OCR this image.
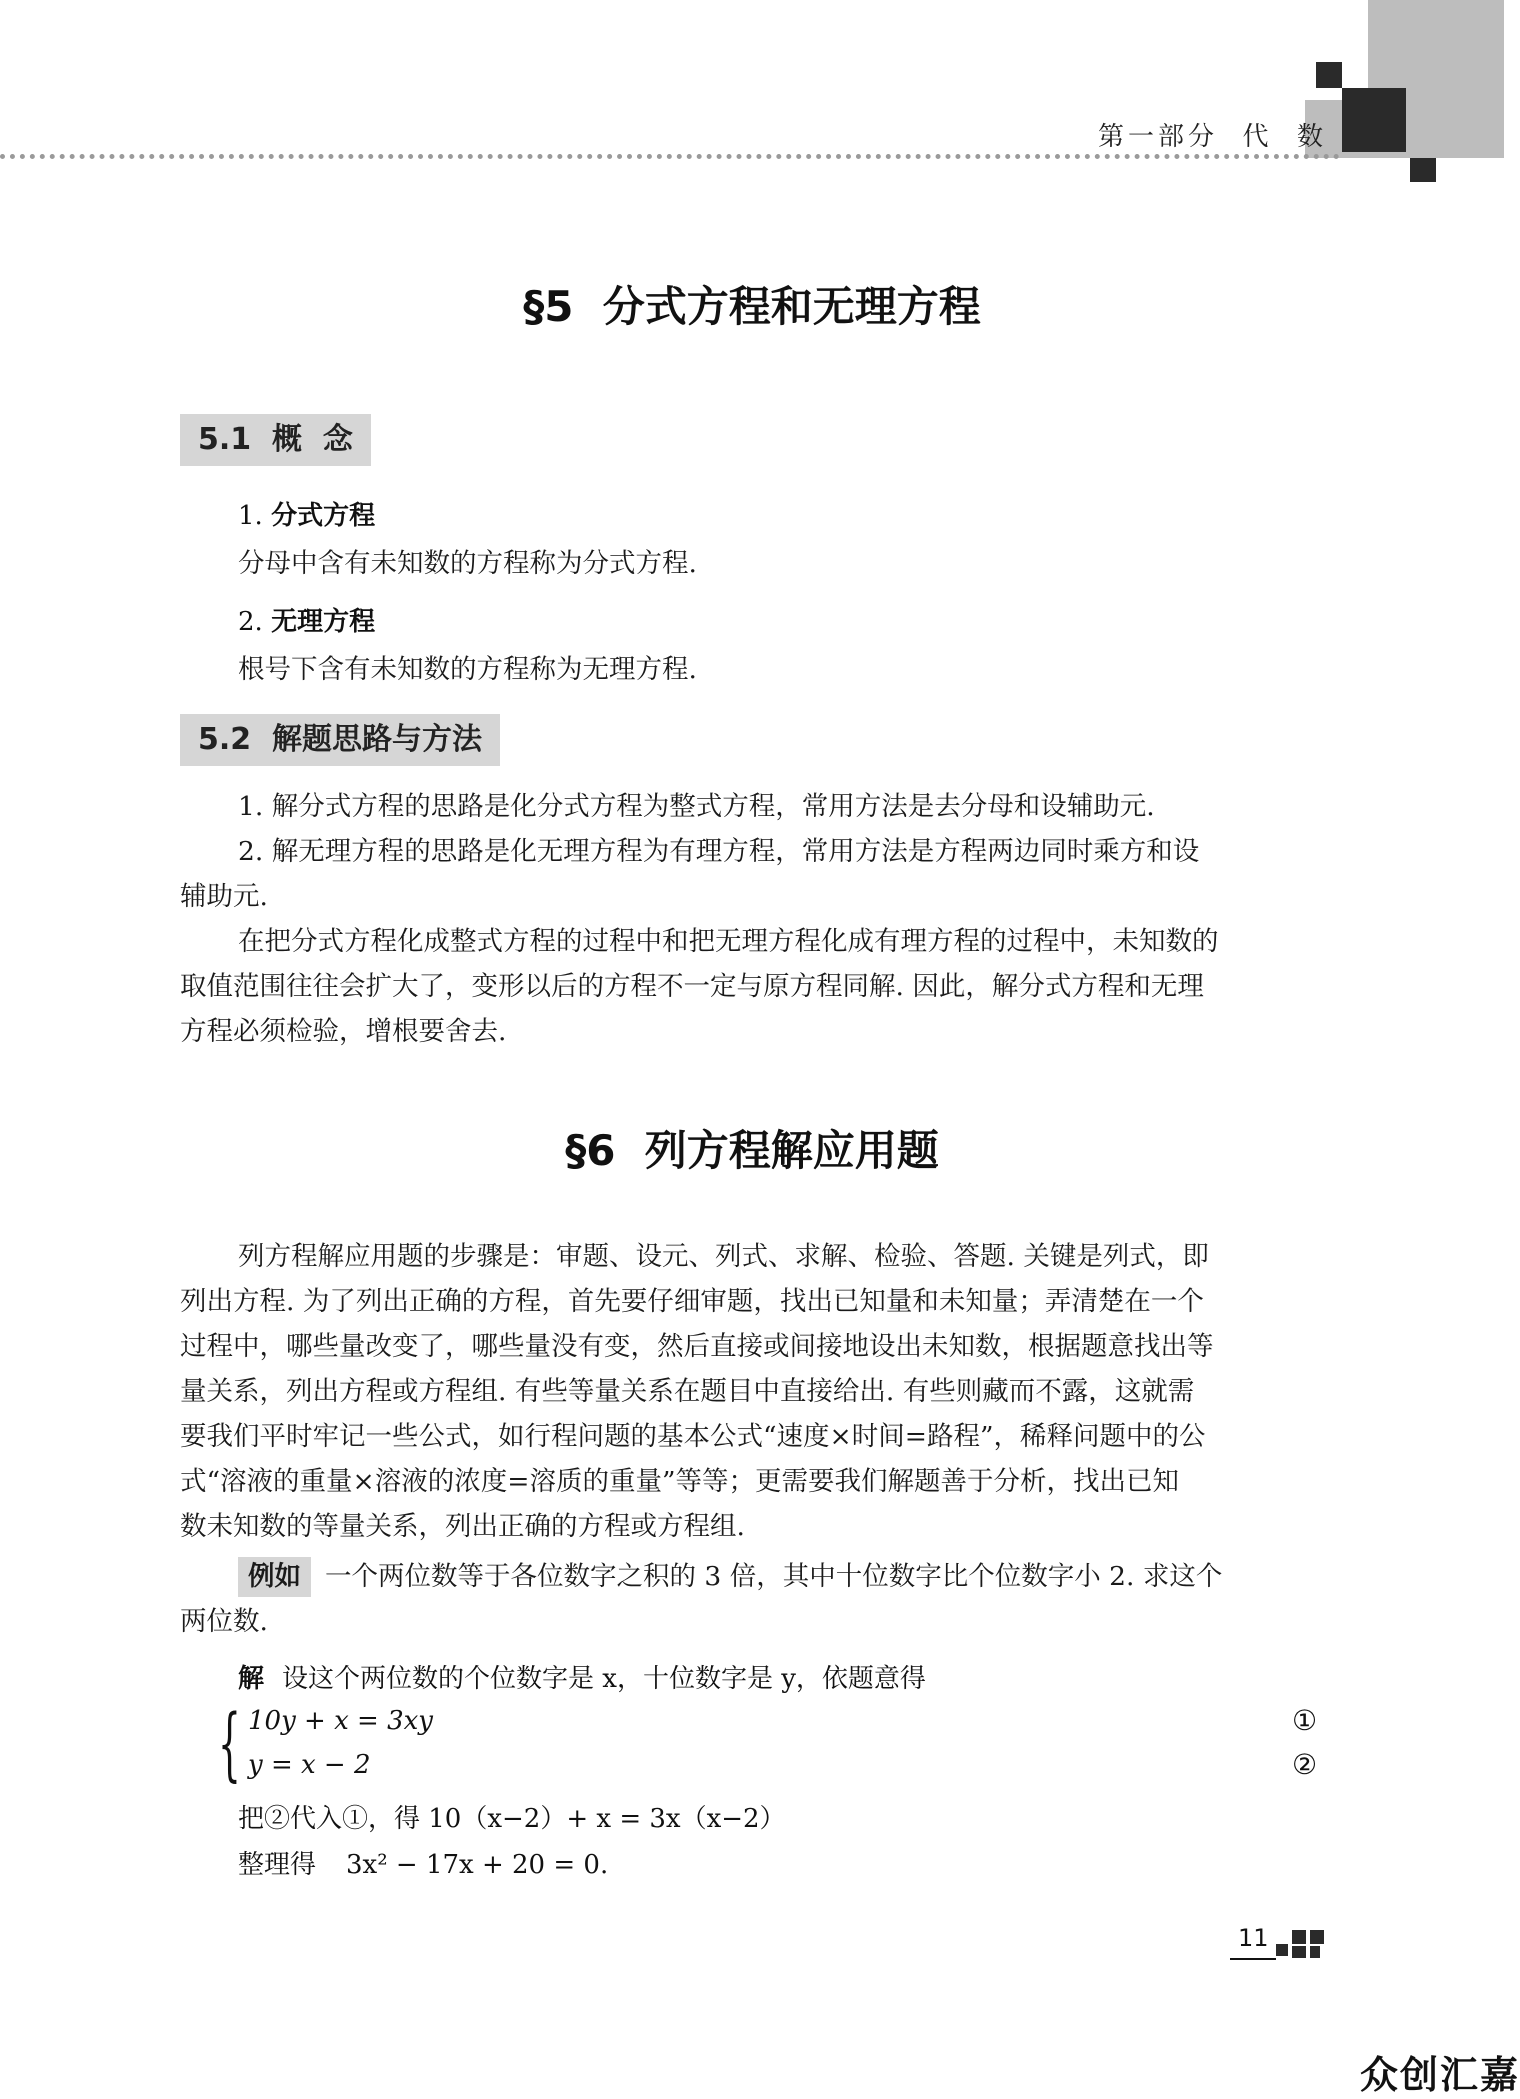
第一部分  代  数
§5  分式方程和无理方程
5.1  概  念
1. 分式方程
分母中含有未知数的方程称为分式方程.
2. 无理方程
根号下含有未知数的方程称为无理方程.
5.2  解题思路与方法
1. 解分式方程的思路是化分式方程为整式方程，常用方法是去分母和设辅助元.
2. 解无理方程的思路是化无理方程为有理方程，常用方法是方程两边同时乘方和设
辅助元.
在把分式方程化成整式方程的过程中和把无理方程化成有理方程的过程中，未知数的
取值范围往往会扩大了，变形以后的方程不一定与原方程同解. 因此，解分式方程和无理
方程必须检验，增根要舍去.
§6  列方程解应用题
列方程解应用题的步骤是：审题、设元、列式、求解、检验、答题. 关键是列式，即
列出方程. 为了列出正确的方程，首先要仔细审题，找出已知量和未知量；弄清楚在一个
过程中，哪些量改变了，哪些量没有变，然后直接或间接地设出未知数，根据题意找出等
量关系，列出方程或方程组. 有些等量关系在题目中直接给出. 有些则藏而不露，这就需
要我们平时牢记一些公式，如行程问题的基本公式“速度×时间=路程”，稀释问题中的公
式“溶液的重量×溶液的浓度=溶质的重量”等等；更需要我们解题善于分析，找出已知
数未知数的等量关系，列出正确的方程或方程组.
例如 一个两位数等于各位数字之积的 3 倍，其中十位数字比个位数字小 2. 求这个
两位数.
解 设这个两位数的个位数字是 x，十位数字是 y，依题意得
{ 10y + x = 3xy
y = x − 2
①
②
把②代入①，得 10（x−2）+ x = 3x（x−2）
整理得 3x² − 17x + 20 = 0.
11
众创汇嘉
